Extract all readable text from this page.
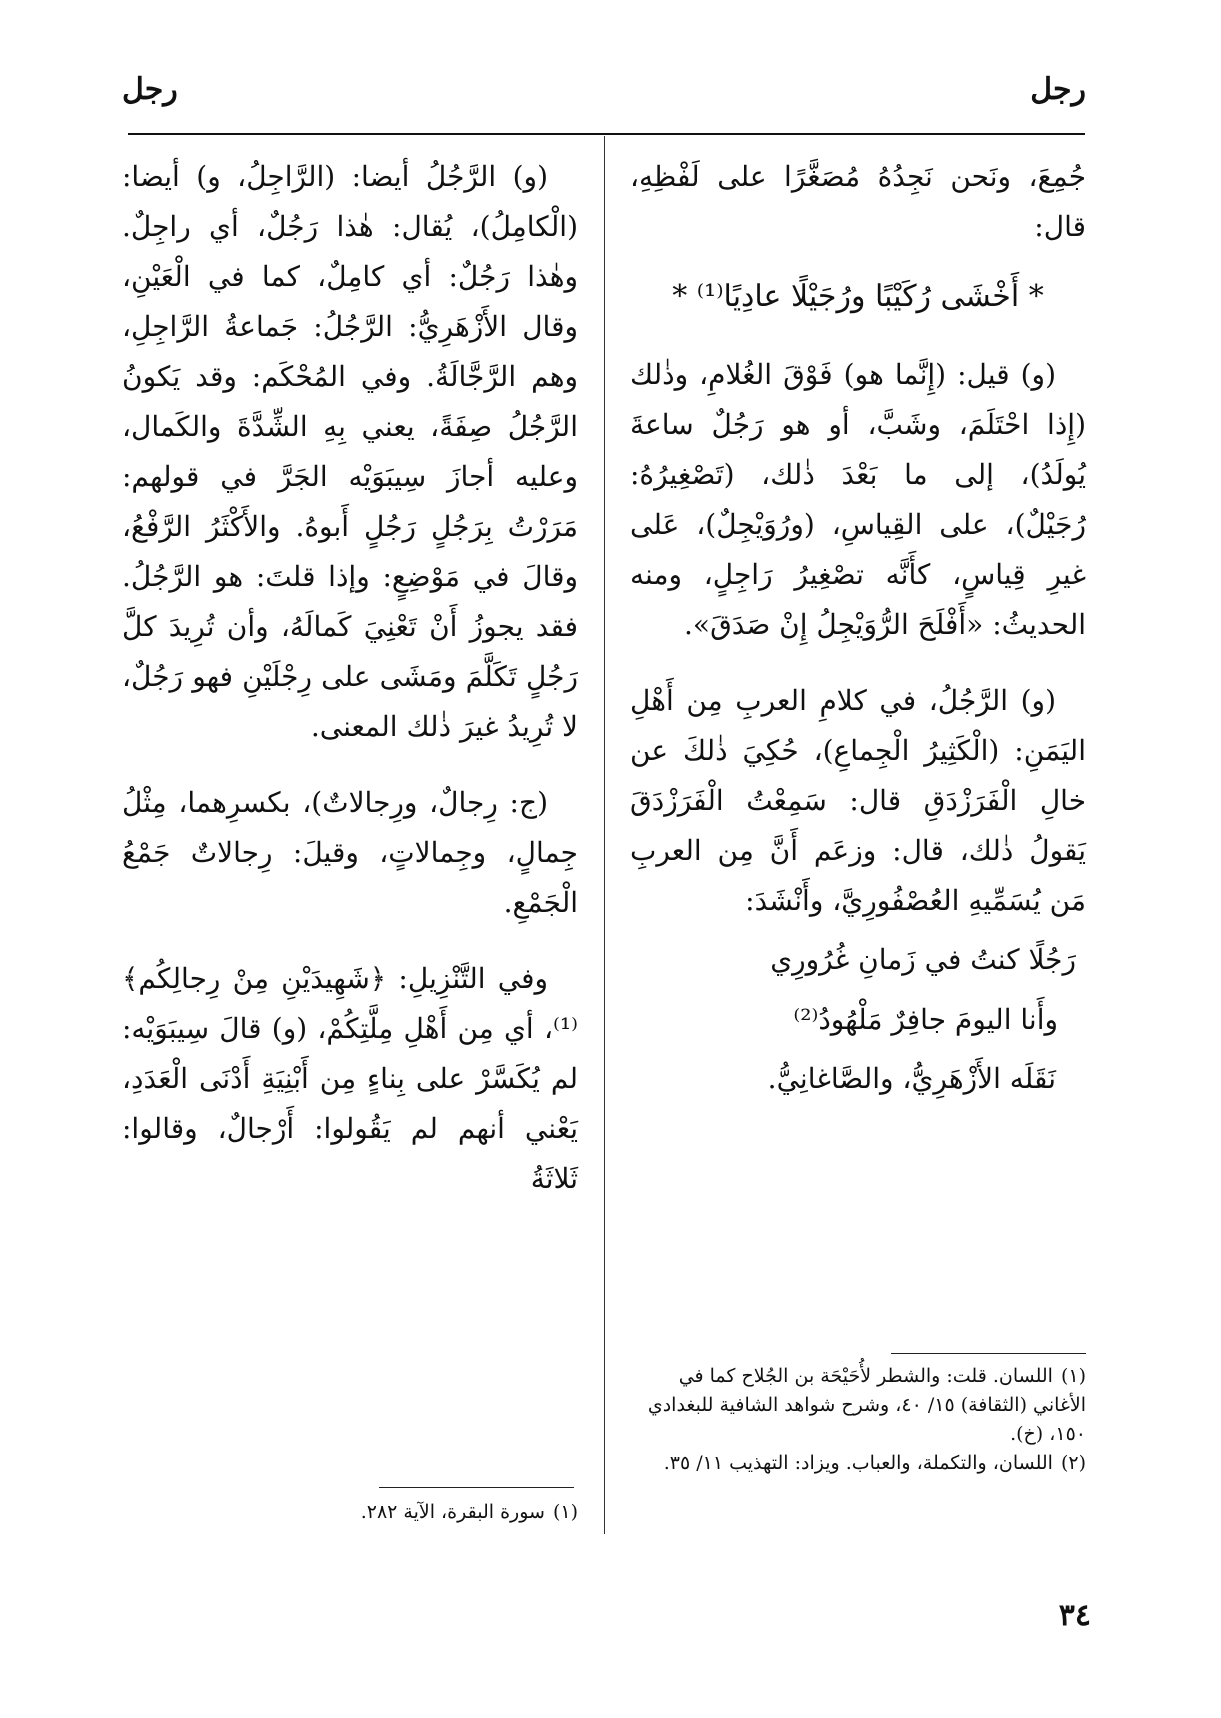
رجل
رجل

جُمِعَ، ونَحن نَجِدُهُ مُصَغَّرًا على لَفْظِهِ، قال:

* أَخْشَى رُكَيْبًا ورُجَيْلًا عادِيًا⁽¹⁾ *

(و) قيل: (إِنَّما هو) فَوْقَ الغُلامِ، وذٰلك (إِذا احْتَلَمَ، وشَبَّ، أو هو رَجُلٌ ساعةَ يُولَدُ)، إلى ما بَعْدَ ذٰلك، (تَصْغِيرُهُ: رُجَيْلٌ)، على القِياسِ، (ورُوَيْجِلٌ)، عَلى غيرِ قِياسٍ، كأَنَّه تصْغِيرُ رَاجِلٍ، ومنه الحديثُ: «أَفْلَحَ الرُّوَيْجِلُ إِنْ صَدَقَ».

(و) الرَّجُلُ، في كلامِ العربِ مِن أَهْلِ اليَمَنِ: (الْكَثِيرُ الْجِماعِ)، حُكِيَ ذٰلكَ عن خالِ الْفَرَزْدَقِ قال: سَمِعْتُ الْفَرَزْدَقَ يَقولُ ذٰلك، قال: وزعَم أَنَّ مِن العربِ مَن يُسَمِّيهِ العُصْفُورِيَّ، وأَنْشَدَ:

رَجُلًا كنتُ في زَمانِ غُرُورِي
وأَنا اليومَ جافِرٌ مَلْهُودُ⁽²⁾

نَقَلَه الأَزْهَرِيُّ، والصَّاغانِيُّ.

(و) الرَّجُلُ أيضا: (الرَّاجِلُ، و) أيضا: (الْكامِلُ)، يُقال: هٰذا رَجُلٌ، أي راجِلٌ. وهٰذا رَجُلٌ: أي كامِلٌ، كما في الْعَيْنِ، وقال الأَزْهَرِيُّ: الرَّجُلُ: جَماعةُ الرَّاجِلِ، وهم الرَّجَّالَةُ. وفي المُحْكَم: وقد يَكونُ الرَّجُلُ صِفَةً، يعني بِهِ الشِّدَّةَ والكَمال، وعليه أجازَ سِيبَوَيْه الجَرَّ في قولهم: مَرَرْتُ بِرَجُلٍ رَجُلٍ أَبوهُ. والأَكْثَرُ الرَّفْعُ، وقالَ في مَوْضِعٍ: وإذا قلتَ: هو الرَّجُلُ. فقد يجوزُ أَنْ تَعْنِيَ كَمالَهُ، وأن تُرِيدَ كلَّ رَجُلٍ تَكَلَّمَ ومَشَى على رِجْلَيْنِ فهو رَجُلٌ، لا تُرِيدُ غيرَ ذٰلك المعنى.

(ج: رِجالٌ، ورِجالاتٌ)، بكسرِهما، مِثْلُ جِمالٍ، وجِمالاتٍ، وقيلَ: رِجالاتٌ جَمْعُ الْجَمْعِ.

وفي التَّنْزِيلِ: ﴿شَهِيدَيْنِ مِنْ رِجالِكُم﴾⁽¹⁾، أي مِن أَهْلِ مِلَّتِكُمْ، (و) قالَ سِيبَوَيْه: لم يُكَسَّرْ على بِناءٍ مِن أَبْنِيَةِ أَدْنَى الْعَدَدِ، يَعْني أنهم لم يَقُولوا: أَرْجالٌ، وقالوا: ثَلاثَةُ

(١)اللسان. قلت: والشطر لأُحَيْحَة بن الجُلاح كما في الأغاني (الثقافة) ١٥/ ٤٠، وشرح شواهد الشافية للبغدادي ١٥٠، (خ).
(٢)اللسان، والتكملة، والعباب. ويزاد: التهذيب ١١/ ٣٥.
(١)سورة البقرة، الآية ٢٨٢.
٣٤
